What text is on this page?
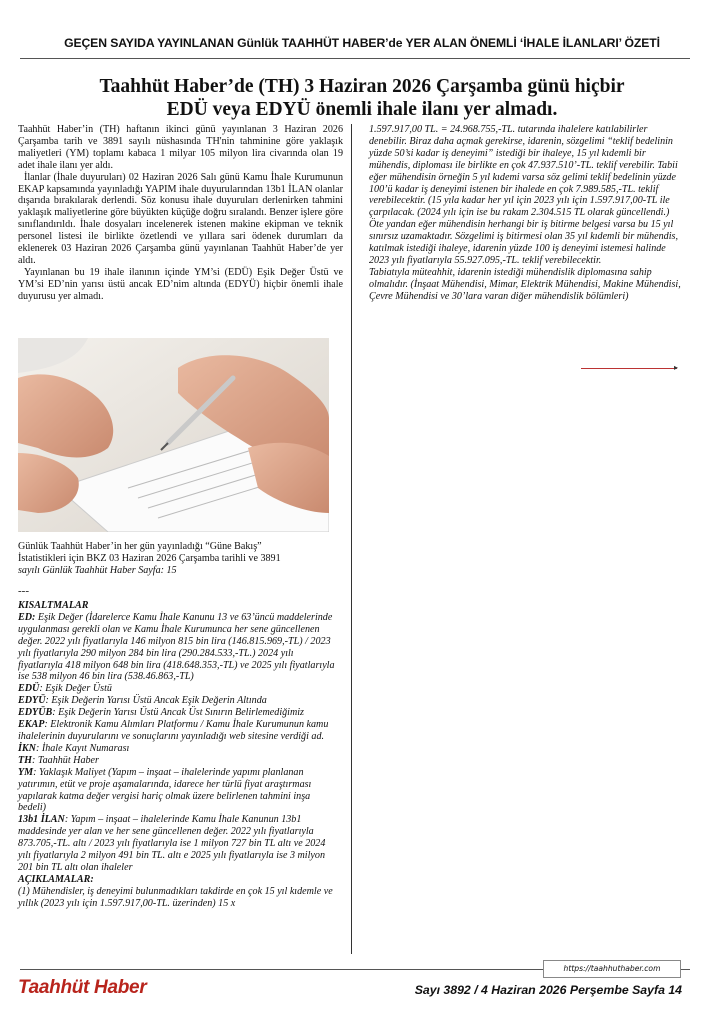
GEÇEN SAYIDA YAYINLANAN Günlük TAAHHÜT HABER’de YER ALAN ÖNEMLİ ‘İHALE İLANLARI’ ÖZETİ
Taahhüt Haber’de (TH) 3 Haziran 2026 Çarşamba günü hiçbir
EDÜ veya EDYÜ önemli ihale ilanı yer almadı.

Taahhüt Haber’in (TH) haftanın ikinci günü yayınlanan 3 Haziran 2026 Çarşamba tarih ve 3891 sayılı nüshasında TH'nin tahminine göre yaklaşık maliyetleri (YM) toplamı kabaca 1 milyar 105 milyon lira civarında olan 19 adet ihale ilanı yer aldı.

İlanlar (İhale duyuruları) 02 Haziran 2026 Salı günü Kamu İhale Kurumunun EKAP kapsamında yayınladığı YAPIM ihale duyurularından 13b1 İLAN olanlar dışarıda bırakılarak derlendi. Söz konusu ihale duyuruları derlenirken tahmini yaklaşık maliyetlerine göre büyükten küçüğe doğru sıralandı. Benzer işlere göre sınıflandırıldı. İhale dosyaları incelenerek istenen makine ekipman ve teknik personel listesi ile birlikte özetlendi ve yıllara sari ödenek durumları da eklenerek 03 Haziran 2026 Çarşamba günü yayınlanan Taahhüt Haber’de yer aldı.

Yayınlanan bu 19 ihale ilanının içinde YM’si (EDÜ) Eşik Değer Üstü ve YM’si ED’nin yarısı üstü ancak ED’nim altında (EDYÜ) hiçbir önemli ihale duyurusu yer almadı.

Günlük Taahhüt Haber’in her gün yayınladığı “Güne Bakış”

İstatistikleri için BKZ 03 Haziran 2026 Çarşamba tarihli ve 3891

sayılı Günlük Taahhüt Haber Sayfa: 15

---

KISALTMALAR

ED: Eşik Değer (İdarelerce Kamu İhale Kanunu 13 ve 63’üncü maddelerinde uygulanması gerekli olan ve Kamu İhale Kurumunca her sene güncellenen değer. 2022 yılı fiyatlarıyla 146 milyon 815 bin lira (146.815.969,-TL) / 2023 yılı fiyatlarıyla 290 milyon 284 bin lira (290.284.533,-TL.) 2024 yılı fiyatlarıyla 418 milyon 648 bin lira (418.648.353,-TL) ve 2025 yılı fiyatlarıyla ise 538 milyon 46 bin lira (538.46.863,-TL)

EDÜ: Eşik Değer Üstü

EDYÜ: Eşik Değerin Yarısı Üstü Ancak Eşik Değerin Altında

EDYÜB: Eşik Değerin Yarısı Üstü Ancak Üst Sınırın Belirlemediğimiz

EKAP: Elektronik Kamu Alımları Platformu / Kamu İhale Kurumunun kamu ihalelerinin duyurularını ve sonuçlarını yayınladığı web sitesine verdiği ad.

İKN: İhale Kayıt Numarası

TH: Taahhüt Haber

YM: Yaklaşık Maliyet (Yapım – inşaat – ihalelerinde yapımı planlanan yatırımın, etüt ve proje aşamalarında, idarece her türlü fiyat araştırması yapılarak katma değer vergisi hariç olmak üzere belirlenen tahmini inşa bedeli)

13b1 İLAN: Yapım – inşaat – ihalelerinde Kamu İhale Kanunun 13b1 maddesinde yer alan ve her sene güncellenen değer. 2022 yılı fiyatlarıyla 873.705,-TL. altı / 2023 yılı fiyatlarıyla ise 1 milyon 727 bin TL altı ve 2024 yılı fiyatlarıyla 2 milyon 491 bin TL. altı e 2025 yılı fiyatlarıyla ise 3 milyon 201 bin TL altı olan ihaleler

AÇIKLAMALAR:

(1) Mühendisler, iş deneyimi bulunmadıkları takdirde en çok 15 yıl kıdemle ve yıllık (2023 yılı için 1.597.917,00-TL. üzerinden) 15 x

1.597.917,00 TL. = 24.968.755,-TL. tutarında ihalelere katılabilirler denebilir. Biraz daha açmak gerekirse, idarenin, sözgelimi “teklif bedelinin yüzde 50’si kadar iş deneyimi” istediği bir ihaleye, 15 yıl kıdemli bir mühendis, diploması ile birlikte en çok 47.937.510’-TL. teklif verebilir. Tabii eğer mühendisin örneğin 5 yıl kıdemi varsa söz gelimi teklif bedelinin yüzde 100’ü kadar iş deneyimi istenen bir ihalede en çok 7.989.585,-TL. teklif verebilecektir. (15 yıla kadar her yıl için 2023 yılı için 1.597.917,00-TL ile çarpılacak. (2024 yılı için ise bu rakam 2.304.515 TL olarak güncellendi.)

Öte yandan eğer mühendisin herhangi bir iş bitirme belgesi varsa bu 15 yıl sınırsız uzamaktadır. Sözgelimi iş bitirmesi olan 35 yıl kıdemli bir mühendis, katılmak istediği ihaleye, idarenin yüzde 100 iş deneyimi istemesi halinde 2023 yılı fiyatlarıyla 55.927.095,-TL. teklif verebilecektir.

Tabiatıyla müteahhit, idarenin istediği mühendislik diplomasına sahip olmalıdır. (İnşaat Mühendisi, Mimar, Elektrik Mühendisi, Makine Mühendisi, Çevre Mühendisi ve 30’lara varan diğer mühendislik bölümleri)

▸
https://taahhuthaber.com
Taahhüt Haber	Sayı 3892 / 4 Haziran 2026 Perşembe Sayfa 14
